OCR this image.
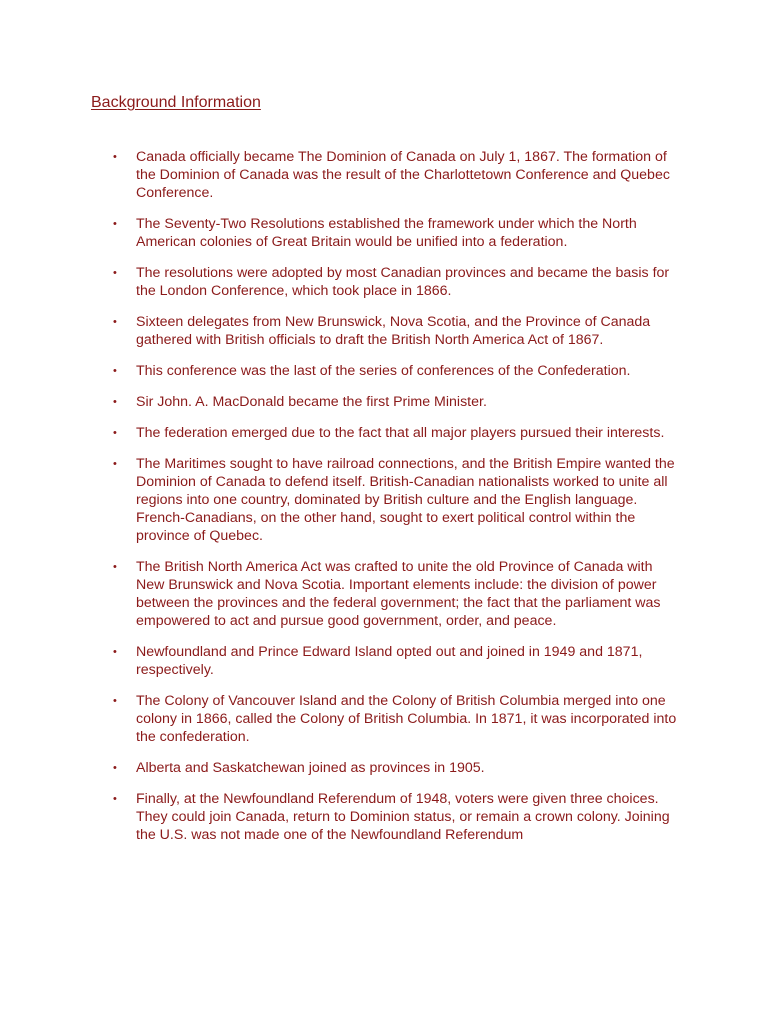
Background Information
• Canada officially became The Dominion of Canada on July 1, 1867. The formation of the Dominion of Canada was the result of the Charlottetown Conference and Quebec Conference.
• The Seventy-Two Resolutions established the framework under which the North American colonies of Great Britain would be unified into a federation.
• The resolutions were adopted by most Canadian provinces and became the basis for the London Conference, which took place in 1866.
• Sixteen delegates from New Brunswick, Nova Scotia, and the Province of Canada gathered with British officials to draft the British North America Act of 1867.
• This conference was the last of the series of conferences of the Confederation.
• Sir John. A. MacDonald became the first Prime Minister.
• The federation emerged due to the fact that all major players pursued their interests.
• The Maritimes sought to have railroad connections, and the British Empire wanted the Dominion of Canada to defend itself. British-Canadian nationalists worked to unite all regions into one country, dominated by British culture and the English language. French-Canadians, on the other hand, sought to exert political control within the province of Quebec.
• The British North America Act was crafted to unite the old Province of Canada with New Brunswick and Nova Scotia. Important elements include: the division of power between the provinces and the federal government; the fact that the parliament was empowered to act and pursue good government, order, and peace.
• Newfoundland and Prince Edward Island opted out and joined in 1949 and 1871, respectively.
• The Colony of Vancouver Island and the Colony of British Columbia merged into one colony in 1866, called the Colony of British Columbia. In 1871, it was incorporated into the confederation.
• Alberta and Saskatchewan joined as provinces in 1905.
• Finally, at the Newfoundland Referendum of 1948, voters were given three choices. They could join Canada, return to Dominion status, or remain a crown colony. Joining the U.S. was not made one of the Newfoundland Referendum
